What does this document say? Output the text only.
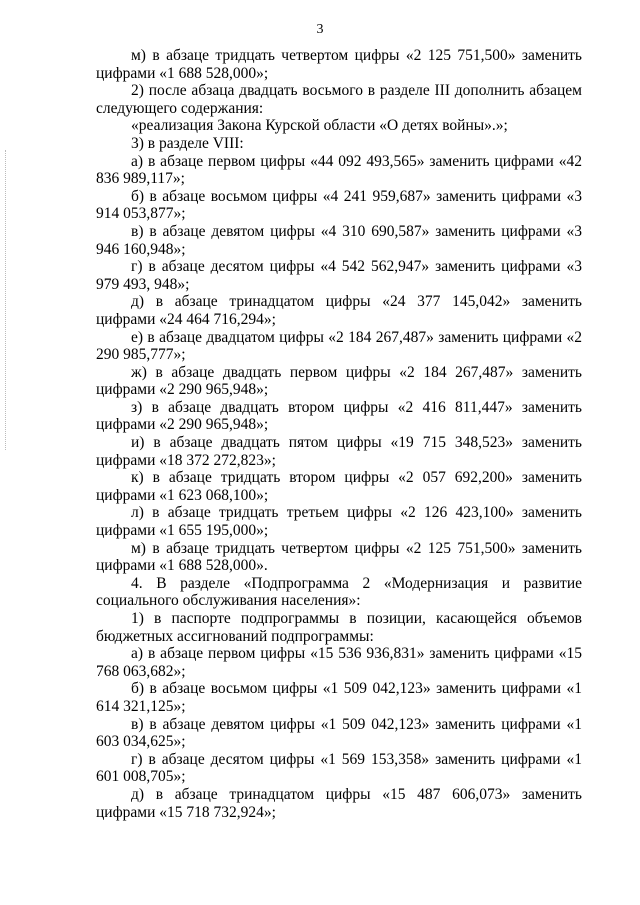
3

м) в абзаце тридцать четвертом цифры «2 125 751,500» заменить цифрами «1 688 528,000»;

2) после абзаца двадцать восьмого в разделе III дополнить абзацем следующего содержания:

«реализация Закона Курской области «О детях войны».»;

3) в разделе VIII:

а) в абзаце первом цифры «44 092 493,565» заменить цифрами «42 836 989,117»;

б) в абзаце восьмом цифры «4 241 959,687» заменить цифрами «3 914 053,877»;

в) в абзаце девятом цифры «4 310 690,587» заменить цифрами «3 946 160,948»;

г) в абзаце десятом цифры «4 542 562,947» заменить цифрами «3 979 493, 948»;

д) в абзаце тринадцатом цифры «24 377 145,042» заменить цифрами «24 464 716,294»;

е) в абзаце двадцатом цифры «2 184 267,487» заменить цифрами «2 290 985,777»;

ж) в абзаце двадцать первом цифры «2 184 267,487» заменить цифрами «2 290 965,948»;

з) в абзаце двадцать втором цифры «2 416 811,447» заменить цифрами «2 290 965,948»;

и) в абзаце двадцать пятом цифры «19 715 348,523» заменить цифрами «18 372 272,823»;

к) в абзаце тридцать втором цифры «2 057 692,200» заменить цифрами «1 623 068,100»;

л) в абзаце тридцать третьем цифры «2 126 423,100» заменить цифрами «1 655 195,000»;

м) в абзаце тридцать четвертом цифры «2 125 751,500» заменить цифрами «1 688 528,000».

4. В разделе «Подпрограмма 2 «Модернизация и развитие социального обслуживания населения»:

1) в паспорте подпрограммы в позиции, касающейся объемов бюджетных ассигнований подпрограммы:

а) в абзаце первом цифры «15 536 936,831» заменить цифрами «15 768 063,682»;

б) в абзаце восьмом цифры «1 509 042,123» заменить цифрами «1 614 321,125»;

в) в абзаце девятом цифры «1 509 042,123» заменить цифрами «1 603 034,625»;

г) в абзаце десятом цифры «1 569 153,358» заменить цифрами «1 601 008,705»;

д) в абзаце тринадцатом цифры «15 487 606,073» заменить цифрами «15 718 732,924»;
